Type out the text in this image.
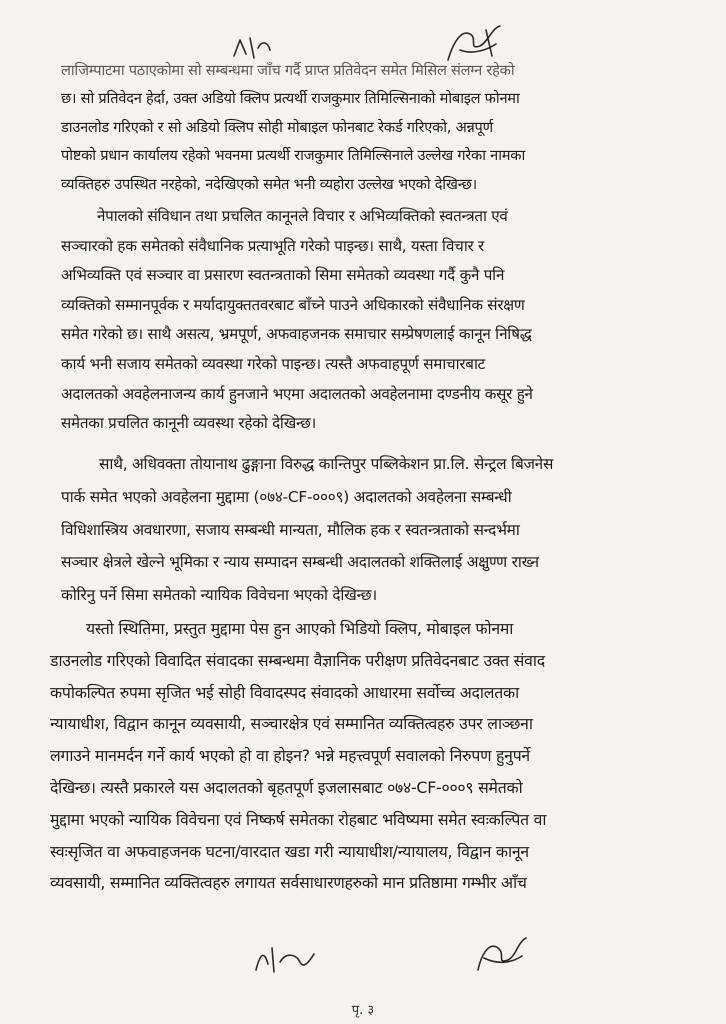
लाजिम्पाटमा पठाएकोमा सो सम्बन्धमा जाँच गर्दै प्राप्त प्रतिवेदन समेत मिसिल संलग्न रहेको
छ। सो प्रतिवेदन हेर्दा, उक्त अडियो क्लिप प्रत्यर्थी राजकुमार तिमिल्सिनाको मोबाइल फोनमा
डाउनलोड गरिएको र सो अडियो क्लिप सोही मोबाइल फोनबाट रेकर्ड गरिएको, अन्नपूर्ण
पोष्टको प्रधान कार्यालय रहेको भवनमा प्रत्यर्थी राजकुमार तिमिल्सिनाले उल्लेख गरेका नामका
व्यक्तिहरु उपस्थित नरहेको, नदेखिएको समेत भनी व्यहोरा उल्लेख भएको देखिन्छ।
नेपालको संविधान तथा प्रचलित कानूनले विचार र अभिव्यक्तिको स्वतन्त्रता एवं
सञ्चारको हक समेतको संवैधानिक प्रत्याभूति गरेको पाइन्छ। साथै, यस्ता विचार र
अभिव्यक्ति एवं सञ्चार वा प्रसारण स्वतन्त्रताको सिमा समेतको व्यवस्था गर्दै कुनै पनि
व्यक्तिको सम्मानपूर्वक र मर्यादायुक्ततवरबाट बाँच्ने पाउने अधिकारको संवैधानिक संरक्षण
समेत गरेको छ। साथै असत्य, भ्रमपूर्ण, अफवाहजनक समाचार सम्प्रेषणलाई कानून निषिद्ध
कार्य भनी सजाय समेतको व्यवस्था गरेको पाइन्छ। त्यस्तै अफवाहपूर्ण समाचारबाट
अदालतको अवहेलनाजन्य कार्य हुनजाने भएमा अदालतको अवहेलनामा दण्डनीय कसूर हुने
समेतका प्रचलित कानूनी व्यवस्था रहेको देखिन्छ।
साथै, अधिवक्ता तोयानाथ ढुङ्गाना विरुद्ध कान्तिपुर पब्लिकेशन प्रा.लि. सेन्ट्रल बिजनेस
पार्क समेत भएको अवहेलना मुद्दामा (०७४-CF-०००९) अदालतको अवहेलना सम्बन्धी
विधिशास्त्रिय अवधारणा, सजाय सम्बन्धी मान्यता, मौलिक हक र स्वतन्त्रताको सन्दर्भमा
सञ्चार क्षेत्रले खेल्ने भूमिका र न्याय सम्पादन सम्बन्धी अदालतको शक्तिलाई अक्षुण्ण राख्न
कोरिनु पर्ने सिमा समेतको न्यायिक विवेचना भएको देखिन्छ।
यस्तो स्थितिमा, प्रस्तुत मुद्दामा पेस हुन आएको भिडियो क्लिप, मोबाइल फोनमा
डाउनलोड गरिएको विवादित संवादका सम्बन्धमा वैज्ञानिक परीक्षण प्रतिवेदनबाट उक्त संवाद
कपोकल्पित रुपमा सृजित भई सोही विवादस्पद संवादको आधारमा सर्वोच्च अदालतका
न्यायाधीश, विद्वान कानून व्यवसायी, सञ्चारक्षेत्र एवं सम्मानित व्यक्तित्वहरु उपर लाञ्छना
लगाउने मानमर्दन गर्ने कार्य भएको हो वा होइन? भन्ने महत्त्वपूर्ण सवालको निरुपण हुनुपर्ने
देखिन्छ। त्यस्तै प्रकारले यस अदालतको बृहतपूर्ण इजलासबाट ०७४-CF-०००९ समेतको
मुद्दामा भएको न्यायिक विवेचना एवं निष्कर्ष समेतका रोहबाट भविष्यमा समेत स्वःकल्पित वा
स्वःसृजित वा अफवाहजनक घटना/वारदात खडा गरी न्यायाधीश/न्यायालय, विद्वान कानून
व्यवसायी, सम्मानित व्यक्तित्वहरु लगायत सर्वसाधारणहरुको मान प्रतिष्ठामा गम्भीर आँच
पृ. ३
